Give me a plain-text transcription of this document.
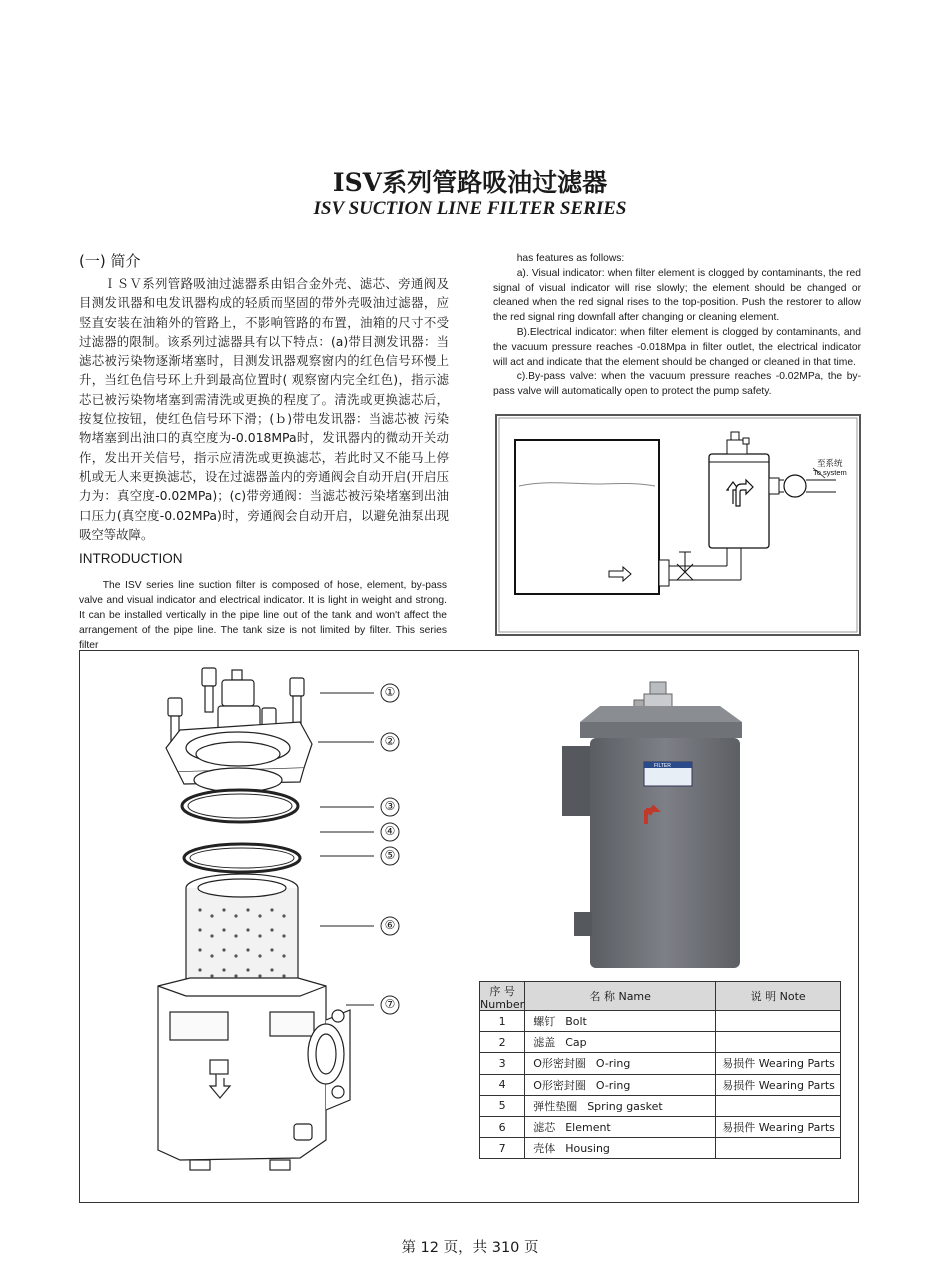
ISV系列管路吸油过滤器
ISV SUCTION LINE FILTER SERIES
(一) 简介
ＩＳＶ系列管路吸油过滤器系由铝合金外壳、滤芯、旁通阀及目测发讯器和电发讯器构成的轻质而坚固的带外壳吸油过滤器，应竖直安装在油箱外的管路上，不影响管路的布置，油箱的尺寸不受过滤器的限制。该系列过滤器具有以下特点：(a)带目测发讯器：当滤芯被污染物逐渐堵塞时，目测发讯器观察窗内的红色信号环慢上升，当红色信号环上升到最高位置时( 观察窗内完全红色)，指示滤芯已被污染物堵塞到需清洗或更换的程度了。清洗或更换滤芯后，按复位按钮，使红色信号环下滑；(ｂ)带电发讯器：当滤芯被 污染物堵塞到出油口的真空度为-0.018MPa时，发讯器内的微动开关动作，发出开关信号，指示应清洗或更换滤芯，若此时又不能马上停机或无人来更换滤芯，设在过滤器盖内的旁通阀会自动开启(开启压力为：真空度-0.02MPa)；(c)带旁通阀：当滤芯被污染堵塞到出油口压力(真空度-0.02MPa)时，旁通阀会自动开启，以避免油泵出现吸空等故障。
INTRODUCTION
The ISV series line suction filter is composed of hose, element, by-pass valve and visual indicator and electrical indicator. It is light in weight and strong. It can be installed vertically in the pipe line out of the tank and won't affect the arrangement of the pipe line. The tank size is not limited by filter. This series filter

has features as follows:

a). Visual indicator: when filter element is clogged by contaminants, the red signal of visual indicator will rise slowly; the element should be changed or cleaned when the red signal rises to the top-position. Push the restorer to allow the red signal ring downfall after changing or cleaning element.

B).Electrical indicator: when filter element is clogged by contaminants, and the vacuum pressure reaches -0.018Mpa in filter outlet, the electrical indicator will act and indicate that the element should be changed or cleaned in that time.

c).By-pass valve: when the vacuum pressure reaches -0.02MPa, the by-pass valve will automatically open to protect the pump safety.

至系统
To system
①
②
③
④
⑤
⑥
⑦
FILTER
序 号
Number	名 称 Name	说 明 Note
1	螺钉 Bolt	
2	滤盖 Cap	
3	O形密封圈 O-ring	易损件 Wearing Parts
4	O形密封圈 O-ring	易损件 Wearing Parts
5	弹性垫圈 Spring gasket	
6	滤芯 Element	易损件 Wearing Parts
7	壳体 Housing	
第 12 页，共 310 页
